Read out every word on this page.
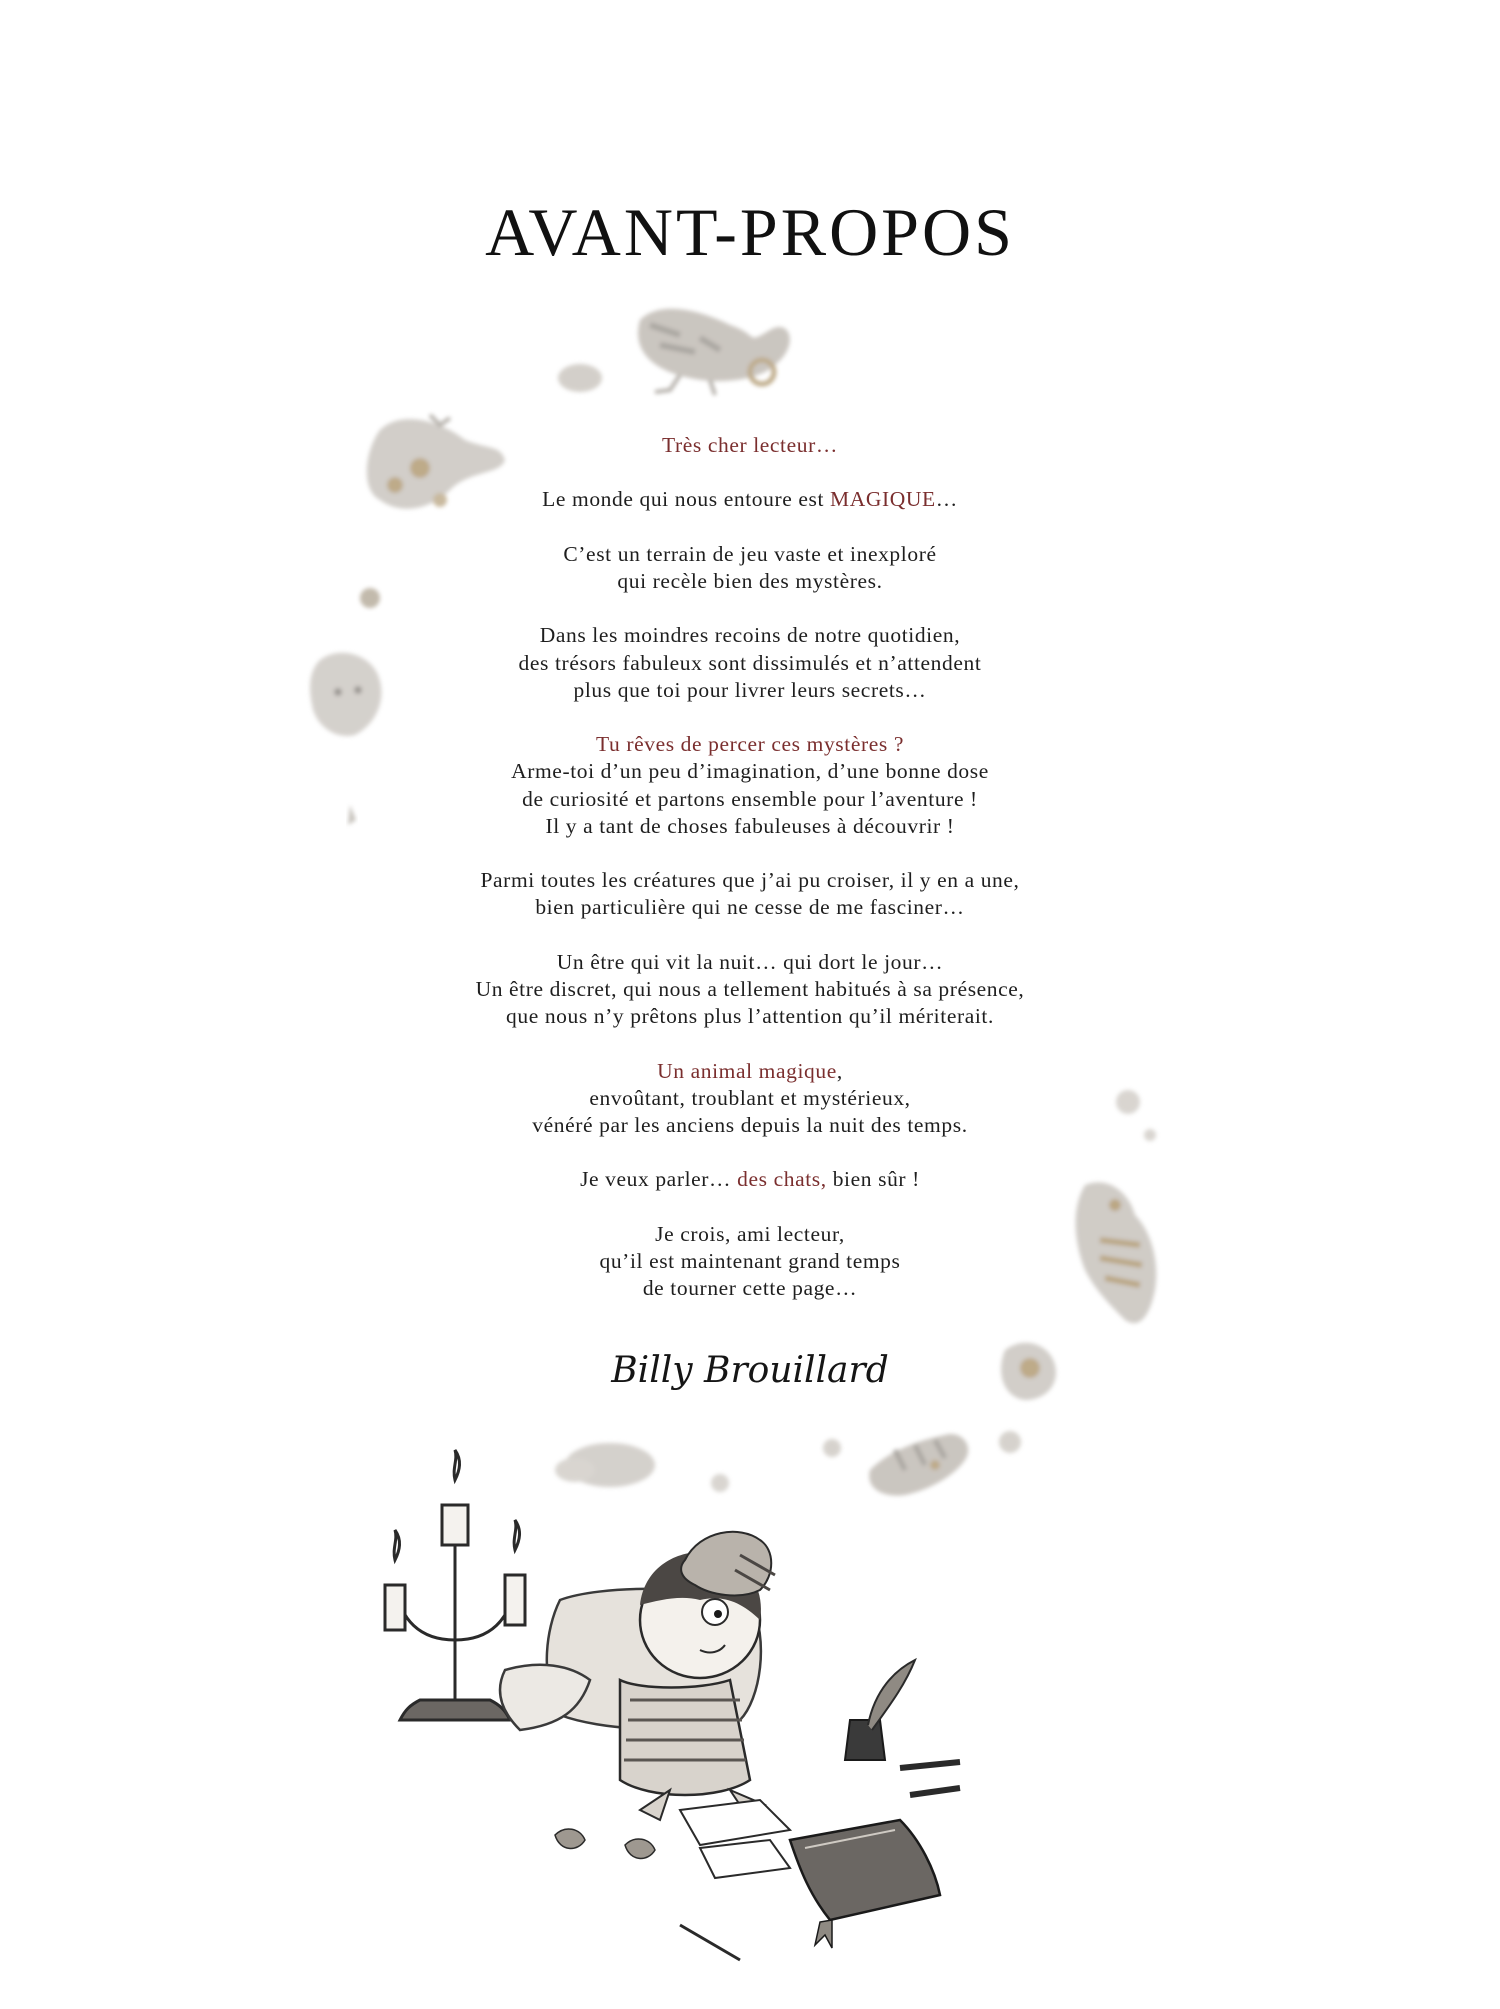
AVANT-PROPOS
Très cher lecteur…
Le monde qui nous entoure est MAGIQUE…
C’est un terrain de jeu vaste et inexploré
qui recèle bien des mystères.
Dans les moindres recoins de notre quotidien,
des trésors fabuleux sont dissimulés et n’attendent
plus que toi pour livrer leurs secrets…
Tu rêves de percer ces mystères ?
Arme-toi d’un peu d’imagination, d’une bonne dose
de curiosité et partons ensemble pour l’aventure !
Il y a tant de choses fabuleuses à découvrir !
Parmi toutes les créatures que j’ai pu croiser, il y en a une,
bien particulière qui ne cesse de me fasciner…
Un être qui vit la nuit… qui dort le jour…
Un être discret, qui nous a tellement habitués à sa présence,
que nous n’y prêtons plus l’attention qu’il mériterait.
Un animal magique,
envoûtant, troublant et mystérieux,
vénéré par les anciens depuis la nuit des temps.
Je veux parler… des chats, bien sûr !
Je crois, ami lecteur,
qu’il est maintenant grand temps
de tourner cette page…
Billy Brouillard
